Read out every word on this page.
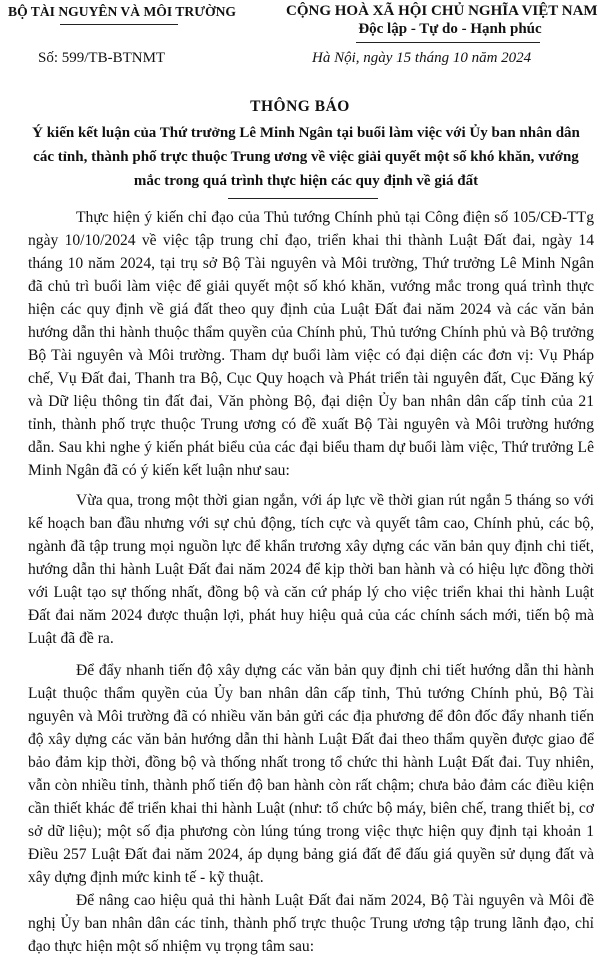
BỘ TÀI NGUYÊN VÀ MÔI TRƯỜNG	CỘNG HOÀ XÃ HỘI CHỦ NGHĨA VIỆT NAM
Độc lập - Tự do - Hạnh phúc
Số: 599/TB-BTNMT	Hà Nội, ngày 15 tháng 10 năm 2024
THÔNG BÁO
Ý kiến kết luận của Thứ trưởng Lê Minh Ngân tại buổi làm việc với Ủy ban nhân dân các tỉnh, thành phố trực thuộc Trung ương về việc giải quyết một số khó khăn, vướng mắc trong quá trình thực hiện các quy định về giá đất

Thực hiện ý kiến chỉ đạo của Thủ tướng Chính phủ tại Công điện số 105/CĐ-TTg ngày 10/10/2024 về việc tập trung chỉ đạo, triển khai thi thành Luật Đất đai, ngày 14 tháng 10 năm 2024, tại trụ sở Bộ Tài nguyên và Môi trường, Thứ trưởng Lê Minh Ngân đã chủ trì buổi làm việc để giải quyết một số khó khăn, vướng mắc trong quá trình thực hiện các quy định về giá đất theo quy định của Luật Đất đai năm 2024 và các văn bản hướng dẫn thi hành thuộc thẩm quyền của Chính phủ, Thủ tướng Chính phủ và Bộ trưởng Bộ Tài nguyên và Môi trường. Tham dự buổi làm việc có đại diện các đơn vị: Vụ Pháp chế, Vụ Đất đai, Thanh tra Bộ, Cục Quy hoạch và Phát triển tài nguyên đất, Cục Đăng ký và Dữ liệu thông tin đất đai, Văn phòng Bộ, đại diện Ủy ban nhân dân cấp tỉnh của 21 tỉnh, thành phố trực thuộc Trung ương có đề xuất Bộ Tài nguyên và Môi trường hướng dẫn. Sau khi nghe ý kiến phát biểu của các đại biểu tham dự buổi làm việc, Thứ trưởng Lê Minh Ngân đã có ý kiến kết luận như sau:

Vừa qua, trong một thời gian ngắn, với áp lực về thời gian rút ngắn 5 tháng so với kế hoạch ban đầu nhưng với sự chủ động, tích cực và quyết tâm cao, Chính phủ, các bộ, ngành đã tập trung mọi nguồn lực để khẩn trương xây dựng các văn bản quy định chi tiết, hướng dẫn thi hành Luật Đất đai năm 2024 để kịp thời ban hành và có hiệu lực đồng thời với Luật tạo sự thống nhất, đồng bộ và căn cứ pháp lý cho việc triển khai thi hành Luật Đất đai năm 2024 được thuận lợi, phát huy hiệu quả của các chính sách mới, tiến bộ mà Luật đã đề ra.

Để đẩy nhanh tiến độ xây dựng các văn bản quy định chi tiết hướng dẫn thi hành Luật thuộc thẩm quyền của Ủy ban nhân dân cấp tỉnh, Thủ tướng Chính phủ, Bộ Tài nguyên và Môi trường đã có nhiều văn bản gửi các địa phương để đôn đốc đẩy nhanh tiến độ xây dựng các văn bản hướng dẫn thi hành Luật Đất đai theo thẩm quyền được giao để bảo đảm kịp thời, đồng bộ và thống nhất trong tổ chức thi hành Luật Đất đai. Tuy nhiên, vẫn còn nhiều tỉnh, thành phố tiến độ ban hành còn rất chậm; chưa bảo đảm các điều kiện cần thiết khác để triển khai thi hành Luật (như: tổ chức bộ máy, biên chế, trang thiết bị, cơ sở dữ liệu); một số địa phương còn lúng túng trong việc thực hiện quy định tại khoản 1 Điều 257 Luật Đất đai năm 2024, áp dụng bảng giá đất để đấu giá quyền sử dụng đất và xây dựng định mức kinh tế - kỹ thuật.

Để nâng cao hiệu quả thi hành Luật Đất đai năm 2024, Bộ Tài nguyên và Môi đề nghị Ủy ban nhân dân các tỉnh, thành phố trực thuộc Trung ương tập trung lãnh đạo, chỉ đạo thực hiện một số nhiệm vụ trọng tâm sau:
